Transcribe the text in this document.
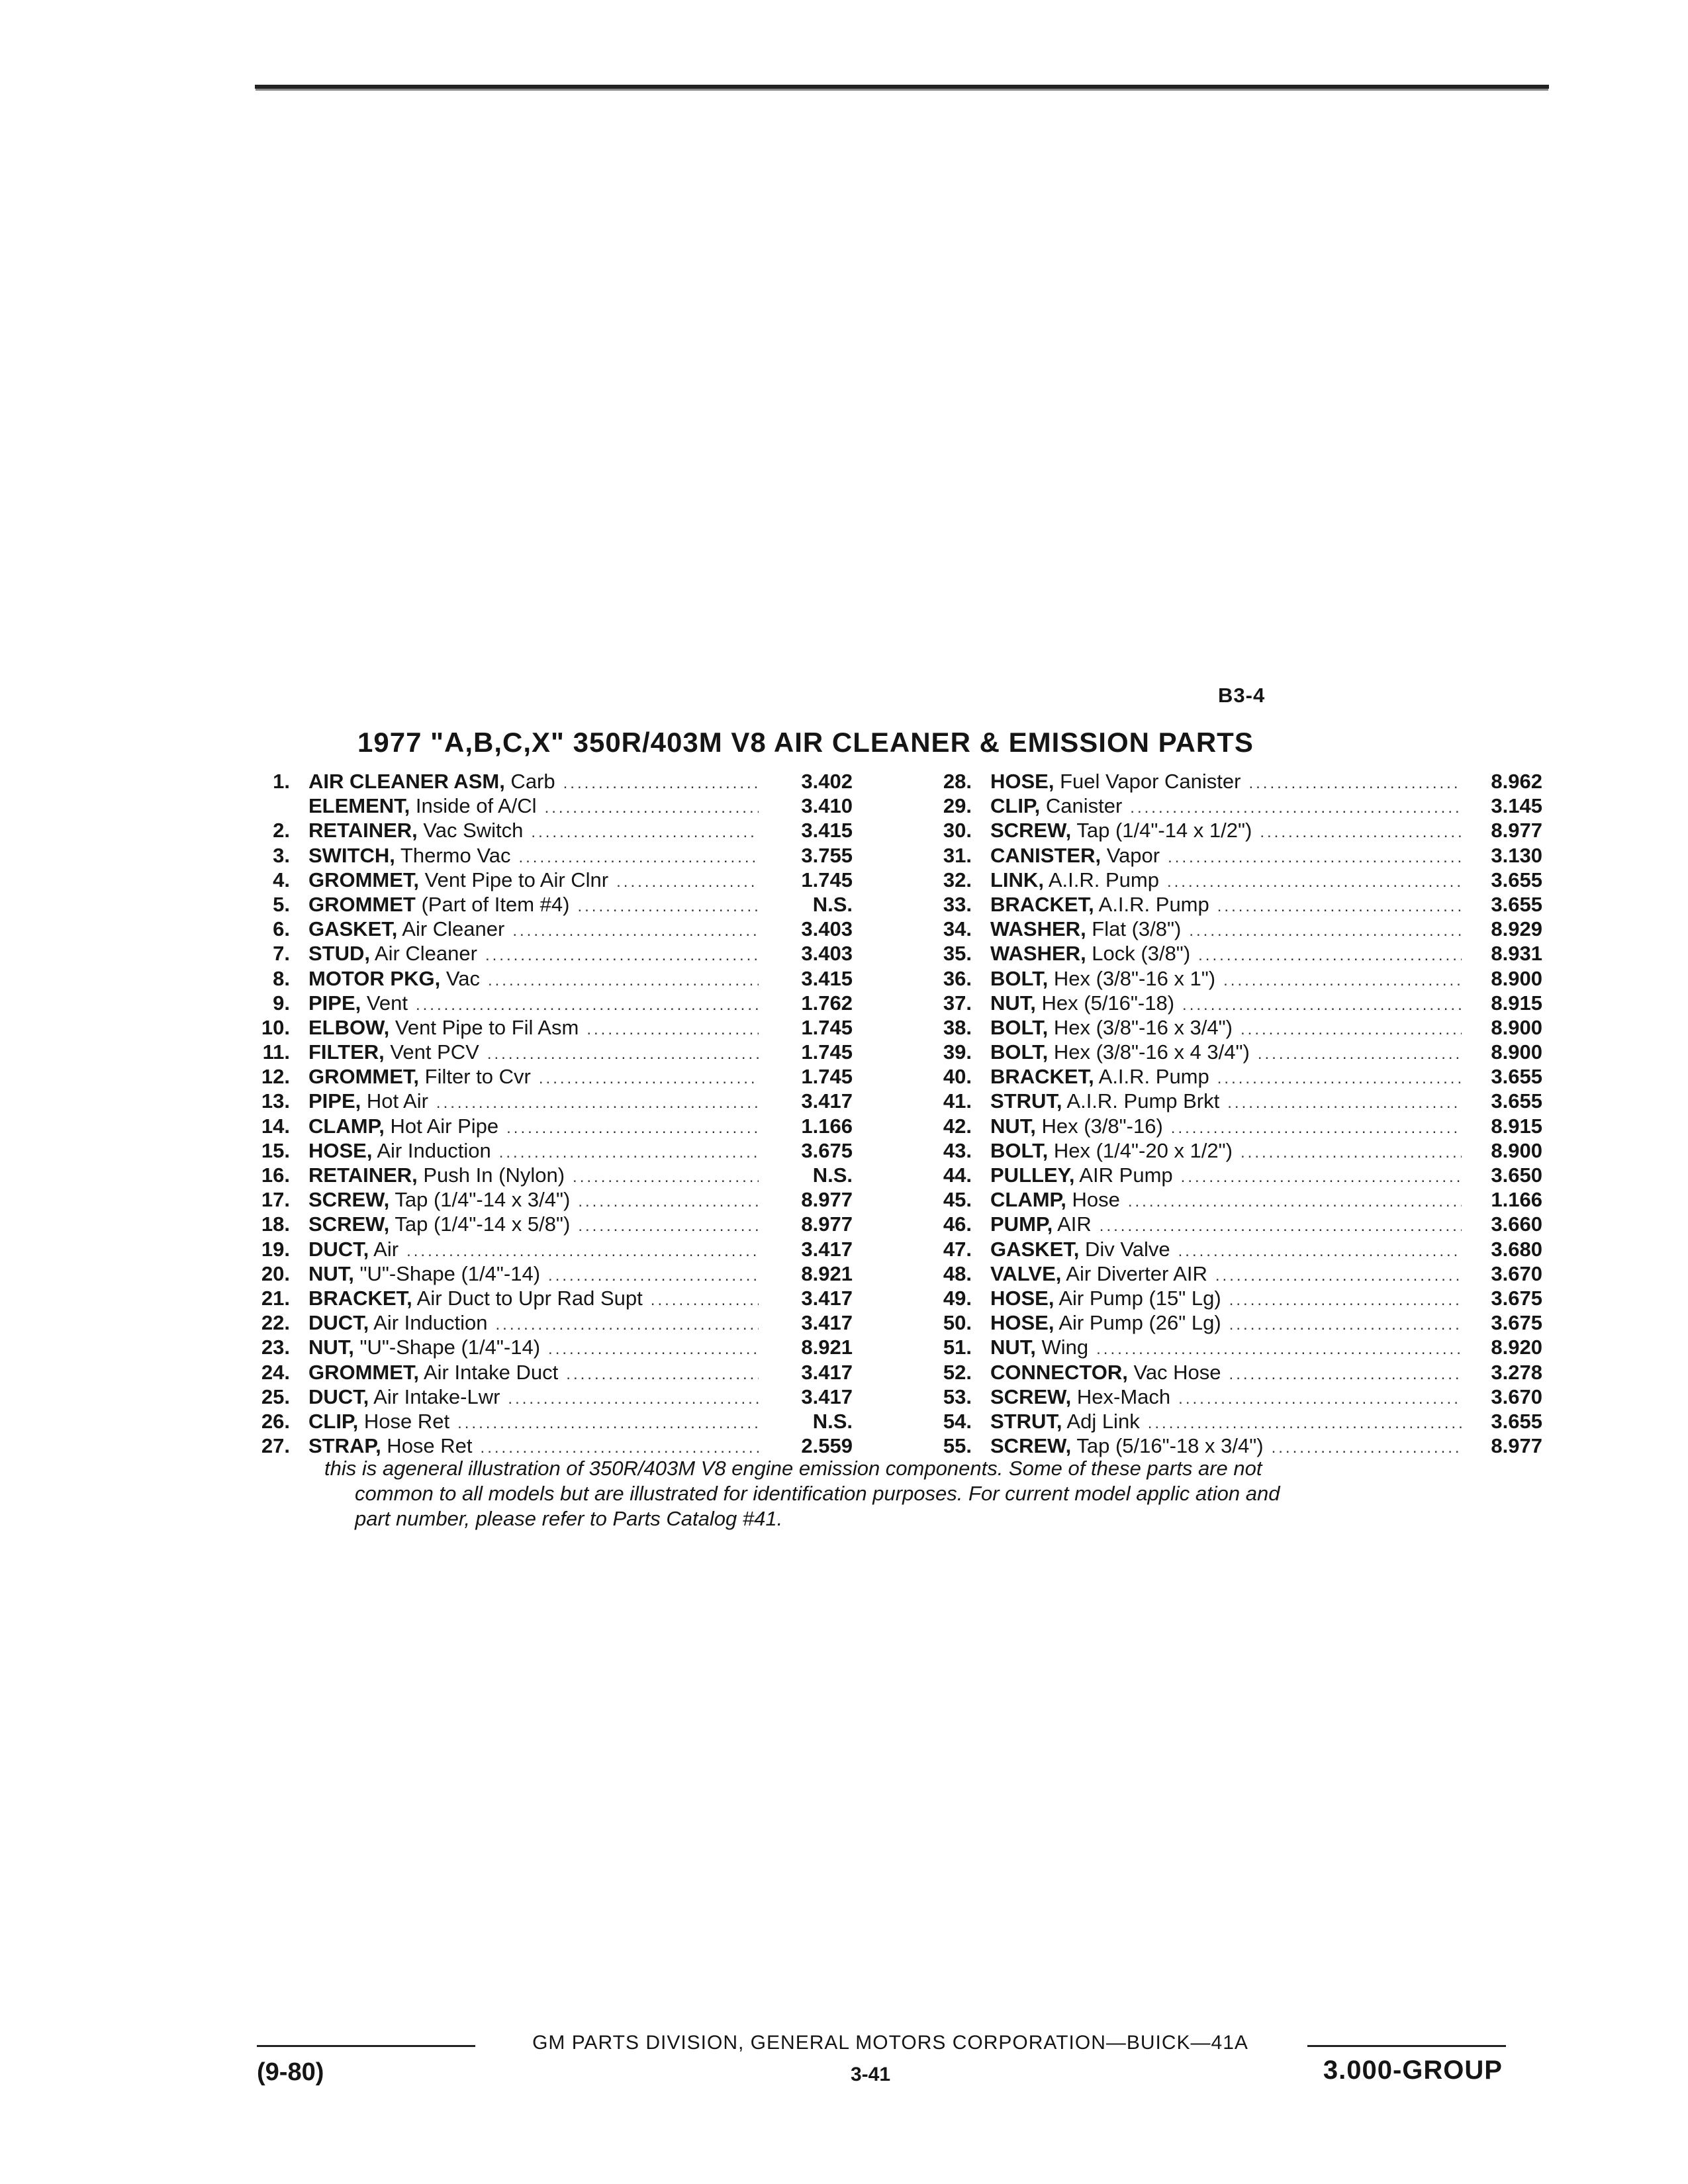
B3-4
1977 "A,B,C,X" 350R/403M V8 AIR CLEANER & EMISSION PARTS
1. AIR CLEANER ASM, Carb .....	3.402
ELEMENT, Inside of A/Cl .....	3.410
2. RETAINER, Vac Switch .....	3.415
3. SWITCH, Thermo Vac .....	3.755
4. GROMMET, Vent Pipe to Air Clnr .....	1.745
5. GROMMET (Part of Item #4) .....	N.S.
6. GASKET, Air Cleaner .....	3.403
7. STUD, Air Cleaner .....	3.403
8. MOTOR PKG, Vac .....	3.415
9. PIPE, Vent .....	1.762
10. ELBOW, Vent Pipe to Fil Asm .....	1.745
11. FILTER, Vent PCV .....	1.745
12. GROMMET, Filter to Cvr .....	1.745
13. PIPE, Hot Air .....	3.417
14. CLAMP, Hot Air Pipe .....	1.166
15. HOSE, Air Induction .....	3.675
16. RETAINER, Push In (Nylon) .....	N.S.
17. SCREW, Tap (1/4"-14 x 3/4") .....	8.977
18. SCREW, Tap (1/4"-14 x 5/8") .....	8.977
19. DUCT, Air .....	3.417
20. NUT, "U"-Shape (1/4"-14) .....	8.921
21. BRACKET, Air Duct to Upr Rad Supt .....	3.417
22. DUCT, Air Induction .....	3.417
23. NUT, "U"-Shape (1/4"-14) .....	8.921
24. GROMMET, Air Intake Duct .....	3.417
25. DUCT, Air Intake-Lwr .....	3.417
26. CLIP, Hose Ret .....	N.S.
27. STRAP, Hose Ret .....	2.559
28. HOSE, Fuel Vapor Canister .....	8.962
29. CLIP, Canister .....	3.145
30. SCREW, Tap (1/4"-14 x 1/2") .....	8.977
31. CANISTER, Vapor .....	3.130
32. LINK, A.I.R. Pump .....	3.655
33. BRACKET, A.I.R. Pump .....	3.655
34. WASHER, Flat (3/8") .....	8.929
35. WASHER, Lock (3/8") .....	8.931
36. BOLT, Hex (3/8"-16 x 1") .....	8.900
37. NUT, Hex (5/16"-18) .....	8.915
38. BOLT, Hex (3/8"-16 x 3/4") .....	8.900
39. BOLT, Hex (3/8"-16 x 4 3/4") .....	8.900
40. BRACKET, A.I.R. Pump .....	3.655
41. STRUT, A.I.R. Pump Brkt .....	3.655
42. NUT, Hex (3/8"-16) .....	8.915
43. BOLT, Hex (1/4"-20 x 1/2") .....	8.900
44. PULLEY, AIR Pump .....	3.650
45. CLAMP, Hose .....	1.166
46. PUMP, AIR .....	3.660
47. GASKET, Div Valve .....	3.680
48. VALVE, Air Diverter AIR .....	3.670
49. HOSE, Air Pump (15" Lg) .....	3.675
50. HOSE, Air Pump (26" Lg) .....	3.675
51. NUT, Wing .....	8.920
52. CONNECTOR, Vac Hose .....	3.278
53. SCREW, Hex-Mach .....	3.670
54. STRUT, Adj Link .....	3.655
55. SCREW, Tap (5/16"-18 x 3/4") .....	8.977

this is ageneral illustration of 350R/403M V8 engine emission components. Some of these parts are not

common to all models but are illustrated for identification purposes. For current model applic ation and

part number, please refer to Parts Catalog #41.

GM PARTS DIVISION, GENERAL MOTORS CORPORATION—BUICK—41A
(9-80)	3-41	3.000-GROUP
